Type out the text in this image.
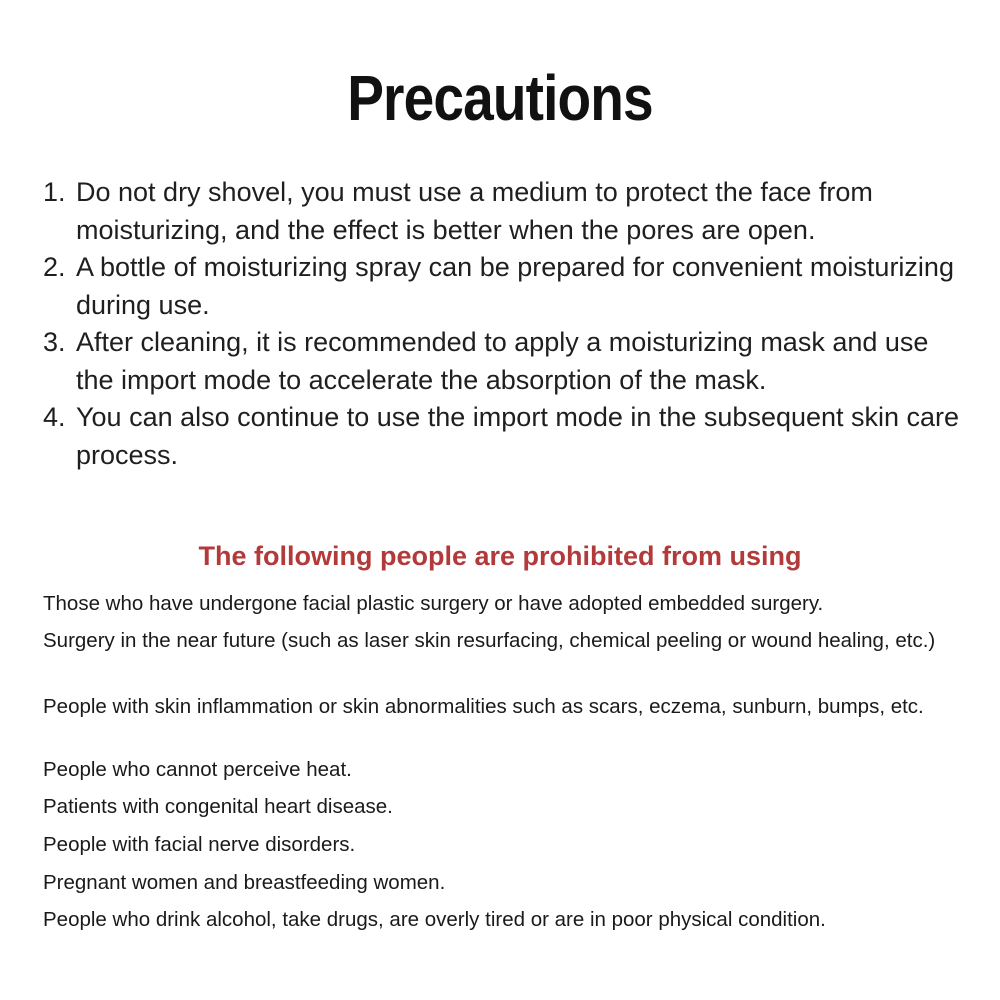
Precautions
1. Do not dry shovel, you must use a medium to protect the face from moisturizing, and the effect is better when the pores are open.
2. A bottle of moisturizing spray can be prepared for convenient moisturizing during use.
3. After cleaning, it is recommended to apply a moisturizing mask and use the import mode to accelerate the absorption of the mask.
4. You can also continue to use the import mode in the subsequent skin care process.
The following people are prohibited from using
Those who have undergone facial plastic surgery or have adopted embedded surgery.
Surgery in the near future (such as laser skin resurfacing, chemical peeling or wound healing, etc.)
People with skin inflammation or skin abnormalities such as scars, eczema, sunburn, bumps, etc.
People who cannot perceive heat.
Patients with congenital heart disease.
People with facial nerve disorders.
Pregnant women and breastfeeding women.
People who drink alcohol, take drugs, are overly tired or are in poor physical condition.
